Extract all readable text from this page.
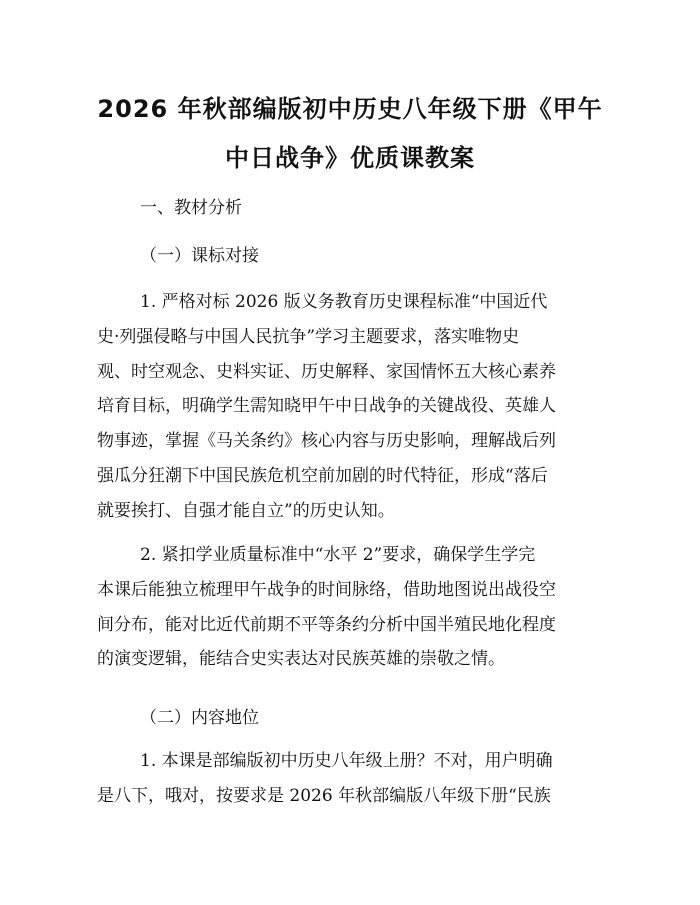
2026 年秋部编版初中历史八年级下册《甲午
中日战争》优质课教案
一、教材分析
（一）课标对接
1. 严格对标 2026 版义务教育历史课程标准“中国近代
史·列强侵略与中国人民抗争”学习主题要求，落实唯物史
观、时空观念、史料实证、历史解释、家国情怀五大核心素养
培育目标，明确学生需知晓甲午中日战争的关键战役、英雄人
物事迹，掌握《马关条约》核心内容与历史影响，理解战后列
强瓜分狂潮下中国民族危机空前加剧的时代特征，形成“落后
就要挨打、自强才能自立”的历史认知。
2. 紧扣学业质量标准中“水平 2”要求，确保学生学完
本课后能独立梳理甲午战争的时间脉络，借助地图说出战役空
间分布，能对比近代前期不平等条约分析中国半殖民地化程度
的演变逻辑，能结合史实表达对民族英雄的崇敬之情。
（二）内容地位
1. 本课是部编版初中历史八年级上册？不对，用户明确
是八下，哦对，按要求是 2026 年秋部编版八年级下册“民族
